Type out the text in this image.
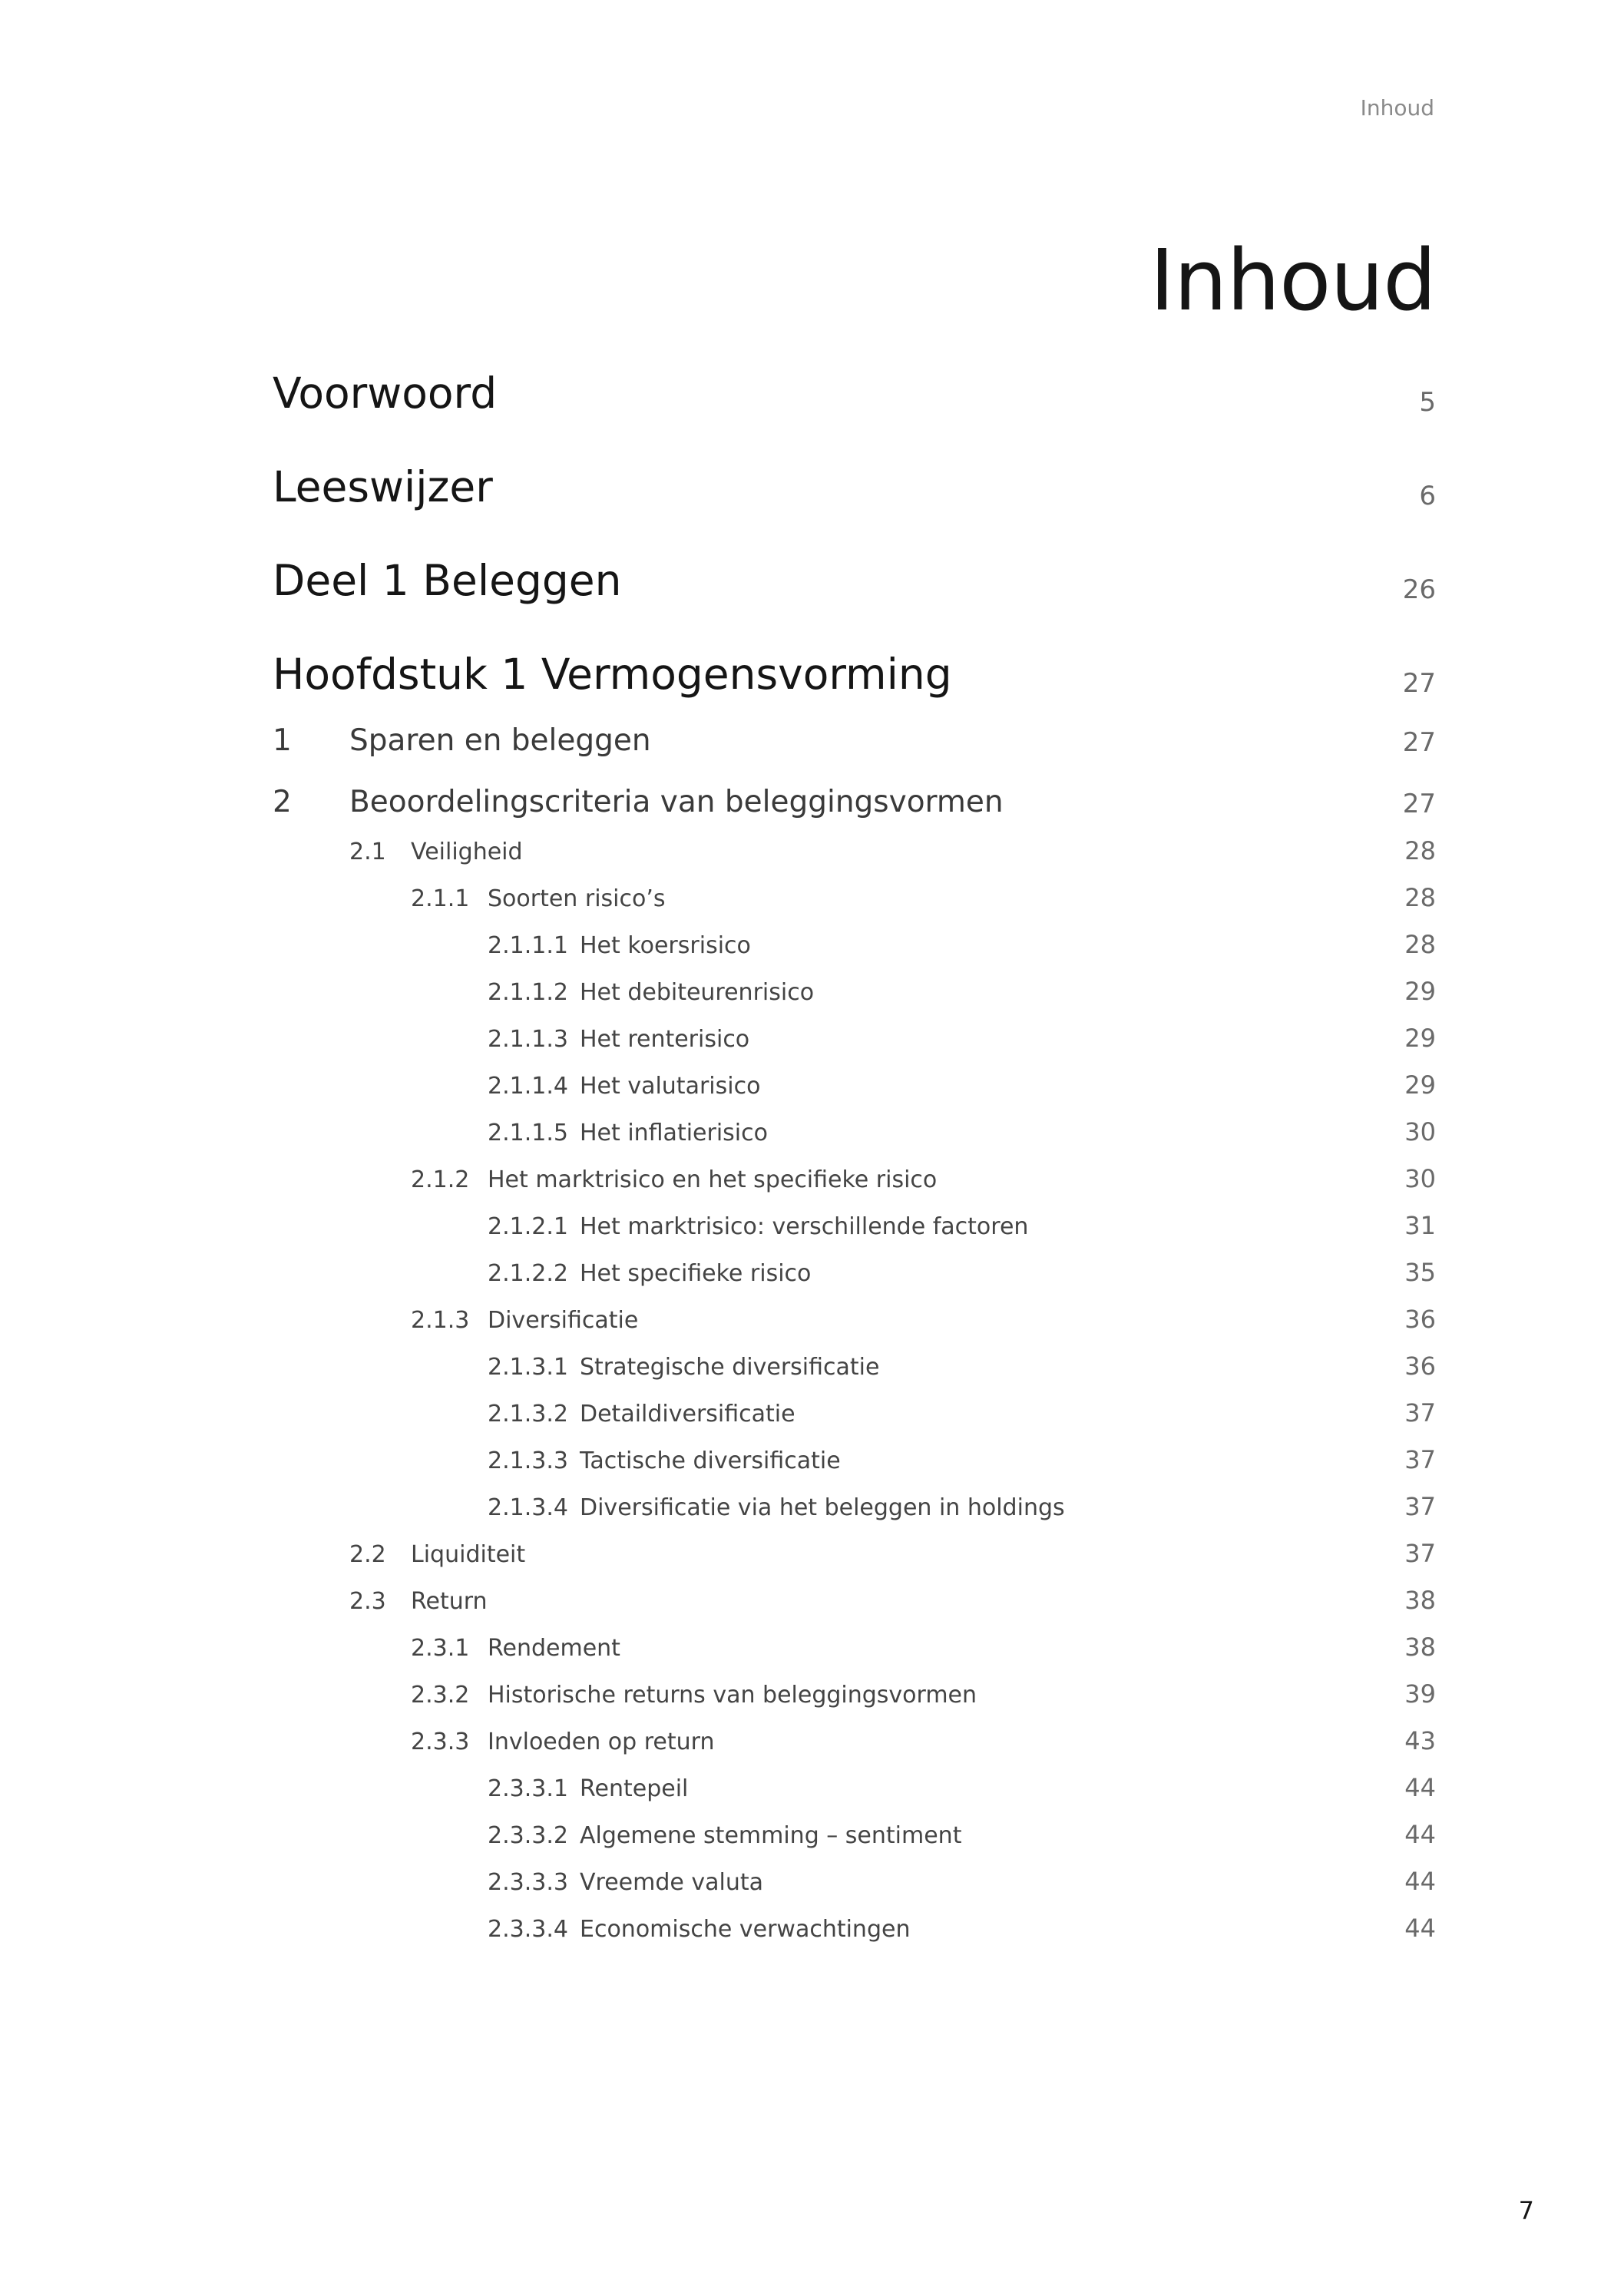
Inhoud
Inhoud
Voorwoord	5
Leeswijzer	6
Deel 1 Beleggen	26
Hoofdstuk 1 Vermogensvorming	27
1 Sparen en beleggen	27
2 Beoordelingscriteria van beleggingsvormen	27
2.1 Veiligheid	28
2.1.1 Soorten risico’s	28
2.1.1.1 Het koersrisico	28
2.1.1.2 Het debiteurenrisico	29
2.1.1.3 Het renterisico	29
2.1.1.4 Het valutarisico	29
2.1.1.5 Het inflatierisico	30
2.1.2 Het marktrisico en het specifieke risico	30
2.1.2.1 Het marktrisico: verschillende factoren	31
2.1.2.2 Het specifieke risico	35
2.1.3 Diversificatie	36
2.1.3.1 Strategische diversificatie	36
2.1.3.2 Detaildiversificatie	37
2.1.3.3 Tactische diversificatie	37
2.1.3.4 Diversificatie via het beleggen in holdings	37
2.2 Liquiditeit	37
2.3 Return	38
2.3.1 Rendement	38
2.3.2 Historische returns van beleggingsvormen	39
2.3.3 Invloeden op return	43
2.3.3.1 Rentepeil	44
2.3.3.2 Algemene stemming – sentiment	44
2.3.3.3 Vreemde valuta	44
2.3.3.4 Economische verwachtingen	44
7
